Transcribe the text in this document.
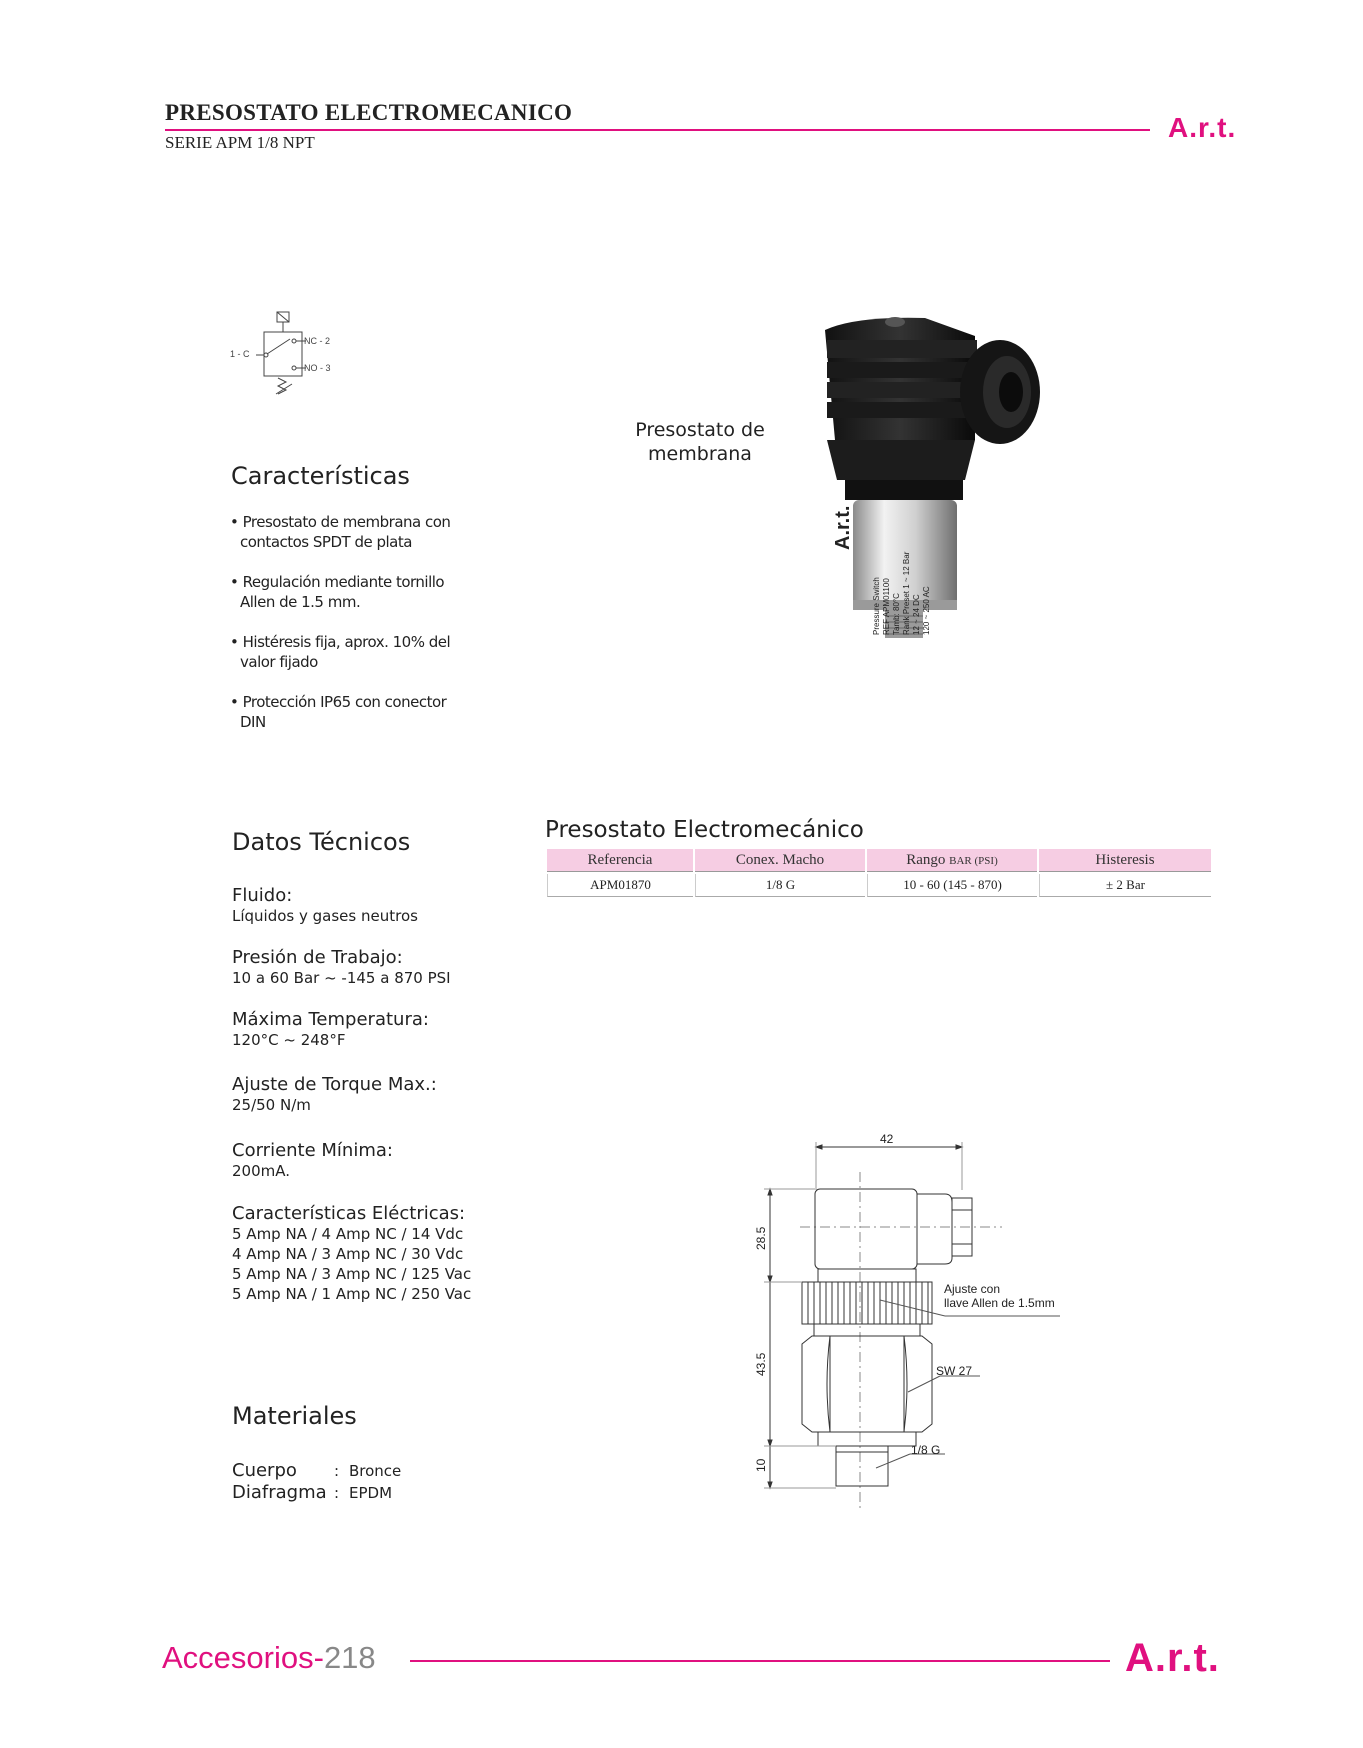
PRESOSTATO ELECTROMECANICO
SERIE APM 1/8 NPT	A.r.t.
1 - C
NC - 2
NO - 3
Presostato de
membrana
A.r.t.
Pressure Switch REF APM01100 Tamb: 80°C Rank Preset 1 ~ 12 Bar 12 ~ 24 DC 120 ~ 250 AC
Características
• Presostato de membrana con
contactos SPDT de plata
• Regulación mediante tornillo
Allen de 1.5 mm.
• Histéresis fija, aprox. 10% del
valor fijado
• Protección IP65 con conector
DIN
Datos Técnicos
Fluido:
Líquidos y gases neutros
Presión de Trabajo:
10 a 60 Bar ~ -145 a 870 PSI
Máxima Temperatura:
120°C ~ 248°F
Ajuste de Torque Max.:
25/50 N/m
Corriente Mínima:
200mA.
Características Eléctricas:
5 Amp NA / 4 Amp NC / 14 Vdc
4 Amp NA / 3 Amp NC / 30 Vdc
5 Amp NA / 3 Amp NC / 125 Vac
5 Amp NA / 1 Amp NC / 250 Vac
Materiales
Cuerpo : Bronce
Diafragma : EPDM
Presostato Electromecánico
Referencia	Conex. Macho	Rango BAR (PSI)	Histeresis
APM01870	1/8 G	10 - 60 (145 - 870)	± 2 Bar
42
28.5
43.5
10
Ajuste con
llave Allen de 1.5mm
SW 27
1/8 G
Accesorios-218	A.r.t.
